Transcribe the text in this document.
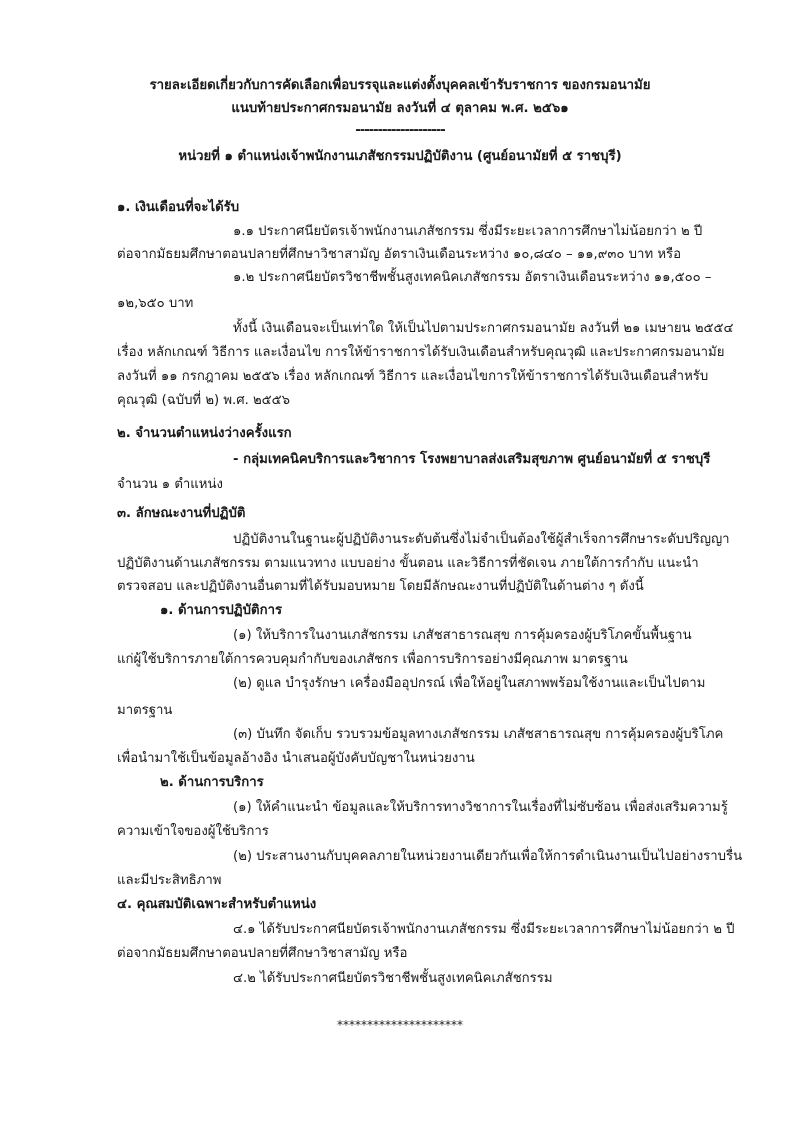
รายละเอียดเกี่ยวกับการคัดเลือกเพื่อบรรจุและแต่งตั้งบุคคลเข้ารับราชการ ของกรมอนามัย
แนบท้ายประกาศกรมอนามัย ลงวันที่ ๔ ตุลาคม พ.ศ. ๒๕๖๑
--------------------
หน่วยที่ ๑ ตำแหน่งเจ้าพนักงานเภสัชกรรมปฏิบัติงาน (ศูนย์อนามัยที่ ๕ ราชบุรี)
๑. เงินเดือนที่จะได้รับ
๑.๑ ประกาศนียบัตรเจ้าพนักงานเภสัชกรรม ซึ่งมีระยะเวลาการศึกษาไม่น้อยกว่า ๒ ปี
ต่อจากมัธยมศึกษาตอนปลายที่ศึกษาวิชาสามัญ อัตราเงินเดือนระหว่าง ๑๐,๘๔๐ – ๑๑,๙๓๐ บาท หรือ
๑.๒ ประกาศนียบัตรวิชาชีพชั้นสูงเทคนิคเภสัชกรรม อัตราเงินเดือนระหว่าง ๑๑,๕๐๐ –
๑๒,๖๕๐ บาท
ทั้งนี้ เงินเดือนจะเป็นเท่าใด ให้เป็นไปตามประกาศกรมอนามัย ลงวันที่ ๒๑ เมษายน ๒๕๕๔
เรื่อง หลักเกณฑ์ วิธีการ และเงื่อนไข การให้ข้าราชการได้รับเงินเดือนสำหรับคุณวุฒิ และประกาศกรมอนามัย
ลงวันที่ ๑๑ กรกฎาคม ๒๕๕๖ เรื่อง หลักเกณฑ์ วิธีการ และเงื่อนไขการให้ข้าราชการได้รับเงินเดือนสำหรับ
คุณวุฒิ (ฉบับที่ ๒) พ.ศ. ๒๕๕๖
๒. จำนวนตำแหน่งว่างครั้งแรก
- กลุ่มเทคนิคบริการและวิชาการ โรงพยาบาลส่งเสริมสุขภาพ ศูนย์อนามัยที่ ๕ ราชบุรี
จำนวน ๑ ตำแหน่ง
๓. ลักษณะงานที่ปฏิบัติ
ปฏิบัติงานในฐานะผู้ปฏิบัติงานระดับต้นซึ่งไม่จำเป็นต้องใช้ผู้สำเร็จการศึกษาระดับปริญญา
ปฏิบัติงานด้านเภสัชกรรม ตามแนวทาง แบบอย่าง ขั้นตอน และวิธีการที่ชัดเจน ภายใต้การกำกับ แนะนำ
ตรวจสอบ และปฏิบัติงานอื่นตามที่ได้รับมอบหมาย โดยมีลักษณะงานที่ปฏิบัติในด้านต่าง ๆ ดังนี้
๑. ด้านการปฏิบัติการ
(๑) ให้บริการในงานเภสัชกรรม เภสัชสาธารณสุข การคุ้มครองผู้บริโภคขั้นพื้นฐาน
แก่ผู้ใช้บริการภายใต้การควบคุมกำกับของเภสัชกร เพื่อการบริการอย่างมีคุณภาพ มาตรฐาน
(๒) ดูแล บำรุงรักษา เครื่องมืออุปกรณ์ เพื่อให้อยู่ในสภาพพร้อมใช้งานและเป็นไปตาม
มาตรฐาน
(๓) บันทึก จัดเก็บ รวบรวมข้อมูลทางเภสัชกรรม เภสัชสาธารณสุข การคุ้มครองผู้บริโภค
เพื่อนำมาใช้เป็นข้อมูลอ้างอิง นำเสนอผู้บังคับบัญชาในหน่วยงาน
๒. ด้านการบริการ
(๑) ให้คำแนะนำ ข้อมูลและให้บริการทางวิชาการในเรื่องที่ไม่ซับซ้อน เพื่อส่งเสริมความรู้
ความเข้าใจของผู้ใช้บริการ
(๒) ประสานงานกับบุคคลภายในหน่วยงานเดียวกันเพื่อให้การดำเนินงานเป็นไปอย่างราบรื่น
และมีประสิทธิภาพ
๔. คุณสมบัติเฉพาะสำหรับตำแหน่ง
๔.๑ ได้รับประกาศนียบัตรเจ้าพนักงานเภสัชกรรม ซึ่งมีระยะเวลาการศึกษาไม่น้อยกว่า ๒ ปี
ต่อจากมัธยมศึกษาตอนปลายที่ศึกษาวิชาสามัญ หรือ
๔.๒ ได้รับประกาศนียบัตรวิชาชีพชั้นสูงเทคนิคเภสัชกรรม
*********************
